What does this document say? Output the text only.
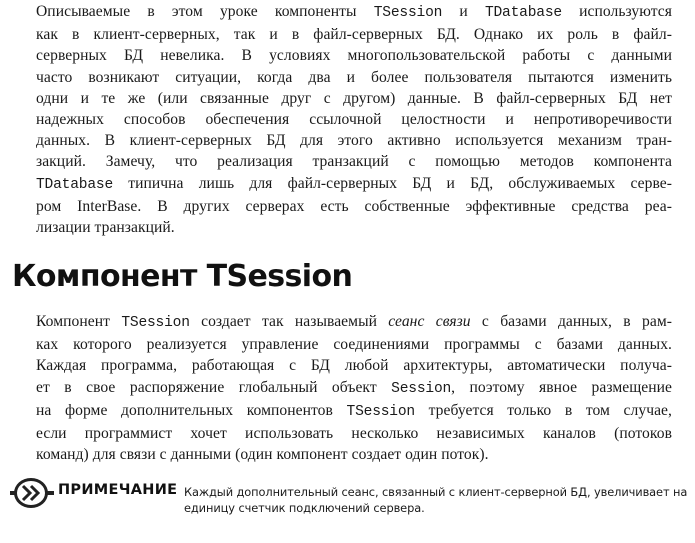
Описываемые в этом уроке компоненты TSession и TDatabase используются
как в клиент-серверных, так и в файл-серверных БД. Однако их роль в файл-
серверных БД невелика. В условиях многопользовательской работы с данными
часто возникают ситуации, когда два и более пользователя пытаются изменить
одни и те же (или связанные друг с другом) данные. В файл-серверных БД нет
надежных способов обеспечения ссылочной целостности и непротиворечивости
данных. В клиент-серверных БД для этого активно используется механизм тран-
закций. Замечу, что реализация транзакций с помощью методов компонента
TDatabase типична лишь для файл-серверных БД и БД, обслуживаемых серве-
ром InterBase. В других серверах есть собственные эффективные средства реа-
лизации транзакций.

Компонент TSession

Компонент TSession создает так называемый сеанс связи с базами данных, в рам-
ках которого реализуется управление соединениями программы с базами данных.
Каждая программа, работающая с БД любой архитектуры, автоматически получа-
ет в свое распоряжение глобальный объект Session, поэтому явное размещение
на форме дополнительных компонентов TSession требуется только в том случае,
если программист хочет использовать несколько независимых каналов (потоков
команд) для связи с данными (один компонент создает один поток).

ПРИМЕЧАНИЕ Каждый дополнительный сеанс, связанный с клиент-серверной БД, увеличивает на
единицу счетчик подключений сервера.
